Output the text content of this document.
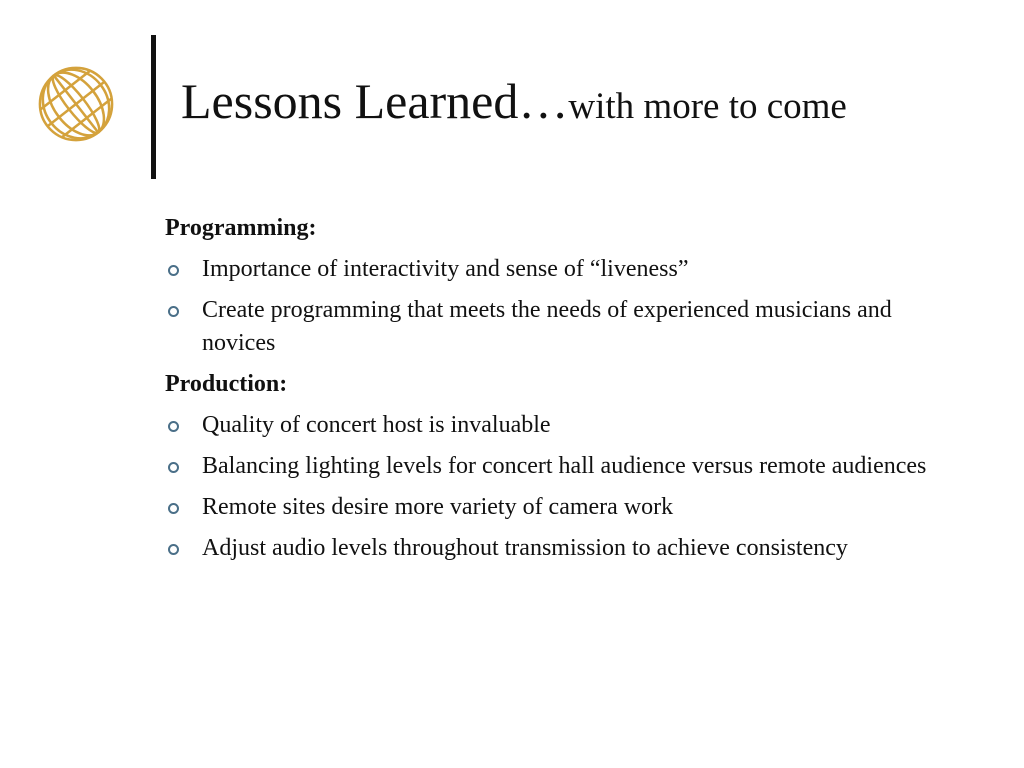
Lessons Learned…with more to come
Programming:
Importance of interactivity and sense of “liveness”
Create programming that meets the needs of experienced musicians and novices
Production:
Quality of concert host is invaluable
Balancing lighting levels for concert hall audience versus remote audiences
Remote sites desire more variety of camera work
Adjust audio levels throughout transmission to achieve consistency
